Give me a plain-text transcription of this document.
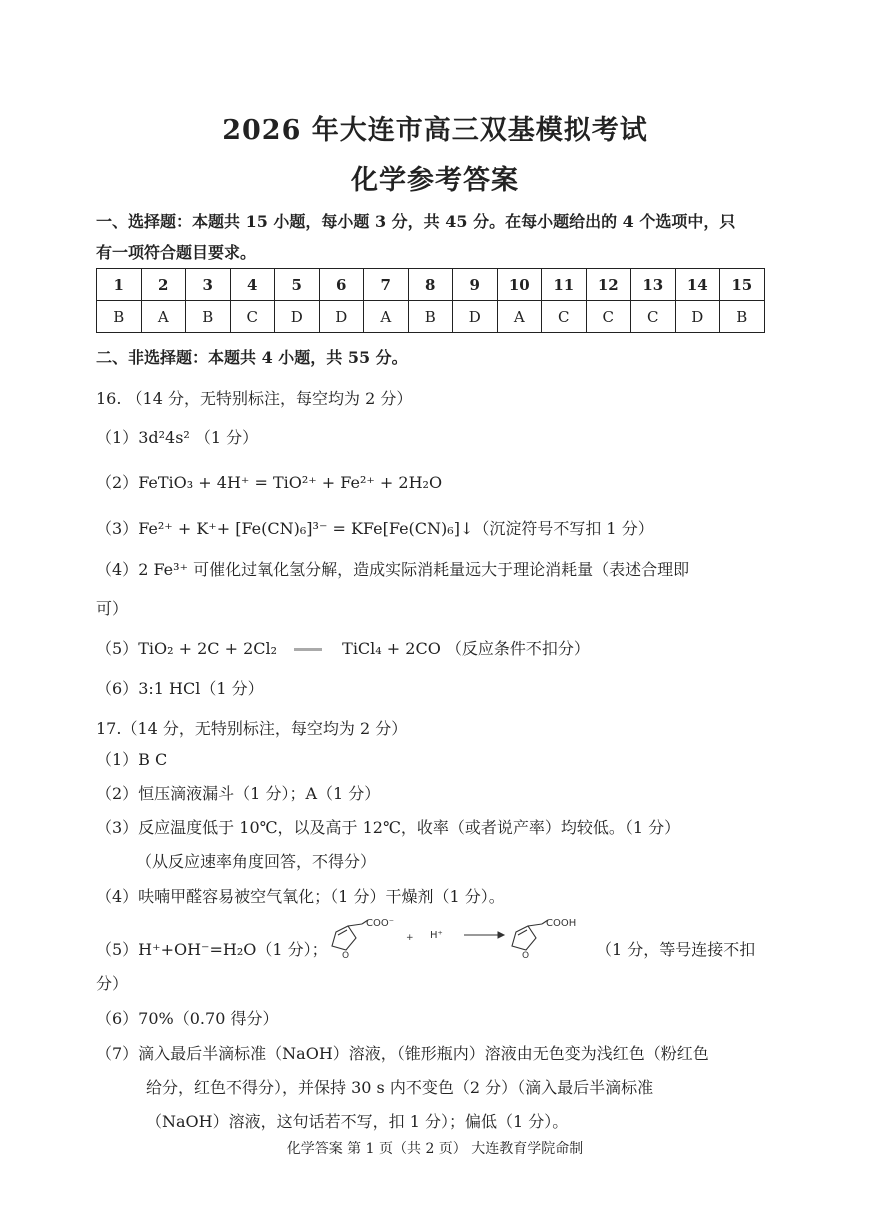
2026 年大连市高三双基模拟考试
化学参考答案
一、选择题：本题共 15 小题，每小题 3 分，共 45 分。在每小题给出的 4 个选项中，只
有一项符合题目要求。
1	2	3	4	5	6	7	8	9	10	11	12	13	14	15
B	A	B	C	D	D	A	B	D	A	C	C	C	D	B
二、非选择题：本题共 4 小题，共 55 分。
16. （14 分，无特别标注，每空均为 2 分）
（1）3d²4s² （1 分）
（2）FeTiO₃ + 4H⁺ = TiO²⁺ + Fe²⁺ + 2H₂O
（3）Fe²⁺ + K⁺+ [Fe(CN)₆]³⁻ = KFe[Fe(CN)₆]↓（沉淀符号不写扣 1 分）
（4）2 Fe³⁺ 可催化过氧化氢分解，造成实际消耗量远大于理论消耗量（表述合理即
可）
（5）TiO₂ + 2C + 2Cl₂	TiCl₄ + 2CO （反应条件不扣分）
（6）3:1 HCl（1 分）
17.（14 分，无特别标注，每空均为 2 分）
（1）B C
（2）恒压滴液漏斗（1 分）；A（1 分）
（3）反应温度低于 10℃，以及高于 12℃，收率（或者说产率）均较低。（1 分）
（从反应速率角度回答，不得分）
（4）呋喃甲醛容易被空气氧化；（1 分）干燥剂（1 分）。
（5）H⁺+OH⁻=H₂O（1 分）； O
COO⁻
+ H⁺
O
COOH
（1 分，等号连接不扣
分）
（6）70%（0.70 得分）
（7）滴入最后半滴标准（NaOH）溶液，（锥形瓶内）溶液由无色变为浅红色（粉红色
给分，红色不得分），并保持 30 s 内不变色（2 分）（滴入最后半滴标准
（NaOH）溶液，这句话若不写，扣 1 分）；偏低（1 分）。
化学答案 第 1 页（共 2 页） 大连教育学院命制
